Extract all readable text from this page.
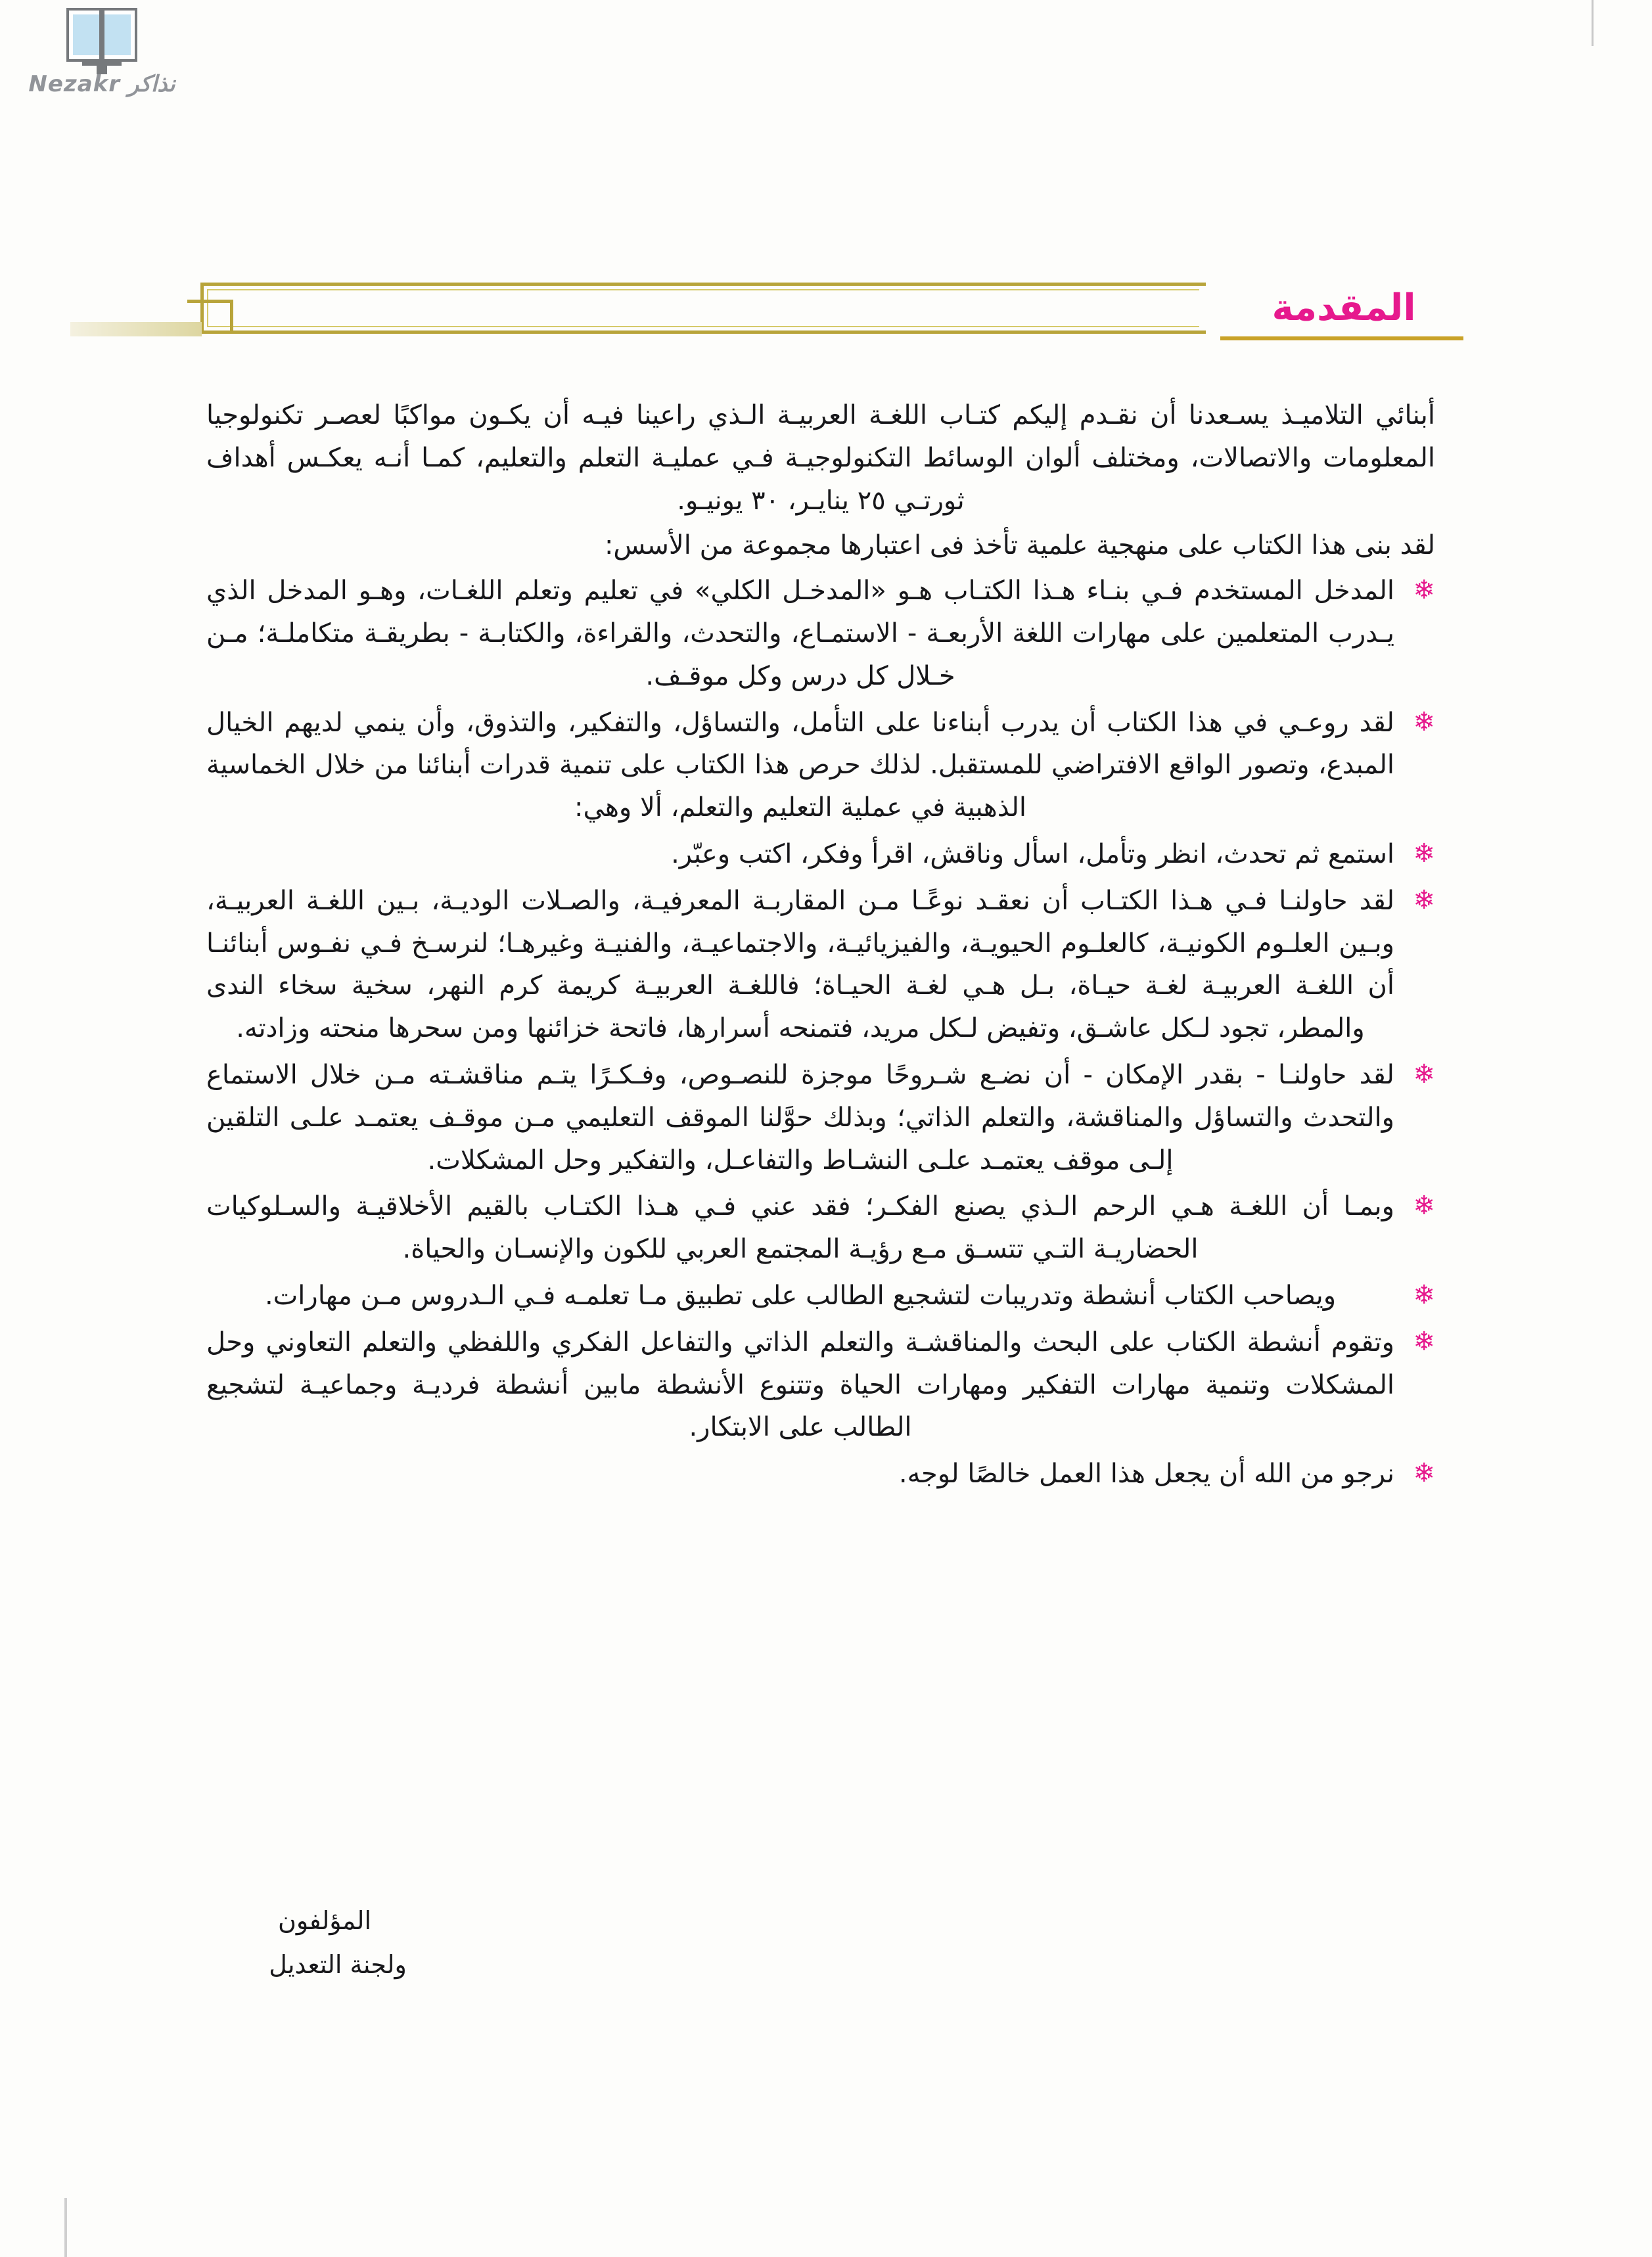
نذاكر Nezakr
المقدمة

أبنائي التلاميـذ يسـعدنا أن نقـدم إليكم كتـاب اللغـة العربيـة الـذي راعينا فيـه أن يكـون مواكبًا لعصـر تكنولوجيا المعلومات والاتصالات، ومختلف ألوان الوسائط التكنولوجيـة فـي عمليـة التعلم والتعليم، كمـا أنـه يعكـس أهداف ثورتـي ٢٥ ينايـر، ٣٠ يونيـو.

لقد بنى هذا الكتاب على منهجية علمية تأخذ فى اعتبارها مجموعة من الأسس:

❄
المدخل المستخدم فـي بنـاء هـذا الكتـاب هـو «المدخـل الكلي» في تعليم وتعلم اللغـات، وهـو المدخل الذي يـدرب المتعلمين على مهارات اللغة الأربعـة - الاستمـاع، والتحدث، والقراءة، والكتابـة - بطريقـة متكاملـة؛ مـن خـلال كل درس وكل موقـف.
❄
لقد روعـي في هذا الكتاب أن يدرب أبناءنا على التأمل، والتساؤل، والتفكير، والتذوق، وأن ينمي لديهم الخيال المبدع، وتصور الواقع الافتراضي للمستقبل. لذلك حرص هذا الكتاب على تنمية قدرات أبنائنا من خلال الخماسية الذهبية في عملية التعليم والتعلم، ألا وهي:
❄
استمع ثم تحدث، انظر وتأمل، اسأل وناقش، اقرأ وفكر، اكتب وعبّر.
❄
لقد حاولنـا فـي هـذا الكتـاب أن نعقـد نوعًـا مـن المقاربـة المعرفيـة، والصـلات الوديـة، بـين اللغـة العربيـة، وبـين العلـوم الكونيـة، كالعلـوم الحيويـة، والفيزيائيـة، والاجتماعيـة، والفنيـة وغيرهـا؛ لنرسـخ فـي نفـوس أبنائنـا أن اللغـة العربيـة لغـة حيـاة، بـل هـي لغـة الحيـاة؛ فاللغـة العربيـة كريمة كرم النهر، سخية سخاء الندى والمطر، تجود لـكل عاشـق، وتفيض لـكل مريد، فتمنحه أسرارها، فاتحة خزائنها ومن سحرها منحته وزادته.
❄
لقد حاولنـا - بقدر الإمكان - أن نضـع شـروحًا موجزة للنصـوص، وفـكـرًا يتـم مناقشـته مـن خلال الاستماع والتحدث والتساؤل والمناقشة، والتعلم الذاتي؛ وبذلك حوَّلنا الموقف التعليمي مـن موقـف يعتمـد علـى التلقين إلـى موقف يعتمـد علـى النشـاط والتفاعـل، والتفكير وحل المشكلات.
❄
وبمـا أن اللغـة هـي الرحم الـذي يصنع الفكـر؛ فقد عني فـي هـذا الكتـاب بالقيم الأخلاقيـة والسـلوكيات الحضاريـة التـي تتسـق مـع رؤيـة المجتمع العربي للكون والإنسـان والحياة.
❄
ويصاحب الكتاب أنشطة وتدريبات لتشجيع الطالب على تطبيق مـا تعلمـه فـي الـدروس مـن مهارات.
❄
وتقوم أنشطة الكتاب على البحث والمناقشـة والتعلم الذاتي والتفاعل الفكري واللفظي والتعلم التعاوني وحل المشكلات وتنمية مهارات التفكير ومهارات الحياة وتتنوع الأنشطة مابين أنشطة فرديـة وجماعيـة لتشجيع الطالب على الابتكار.
❄
نرجو من الله أن يجعل هذا العمل خالصًا لوجه.
المؤلفون
ولجنة التعديل
